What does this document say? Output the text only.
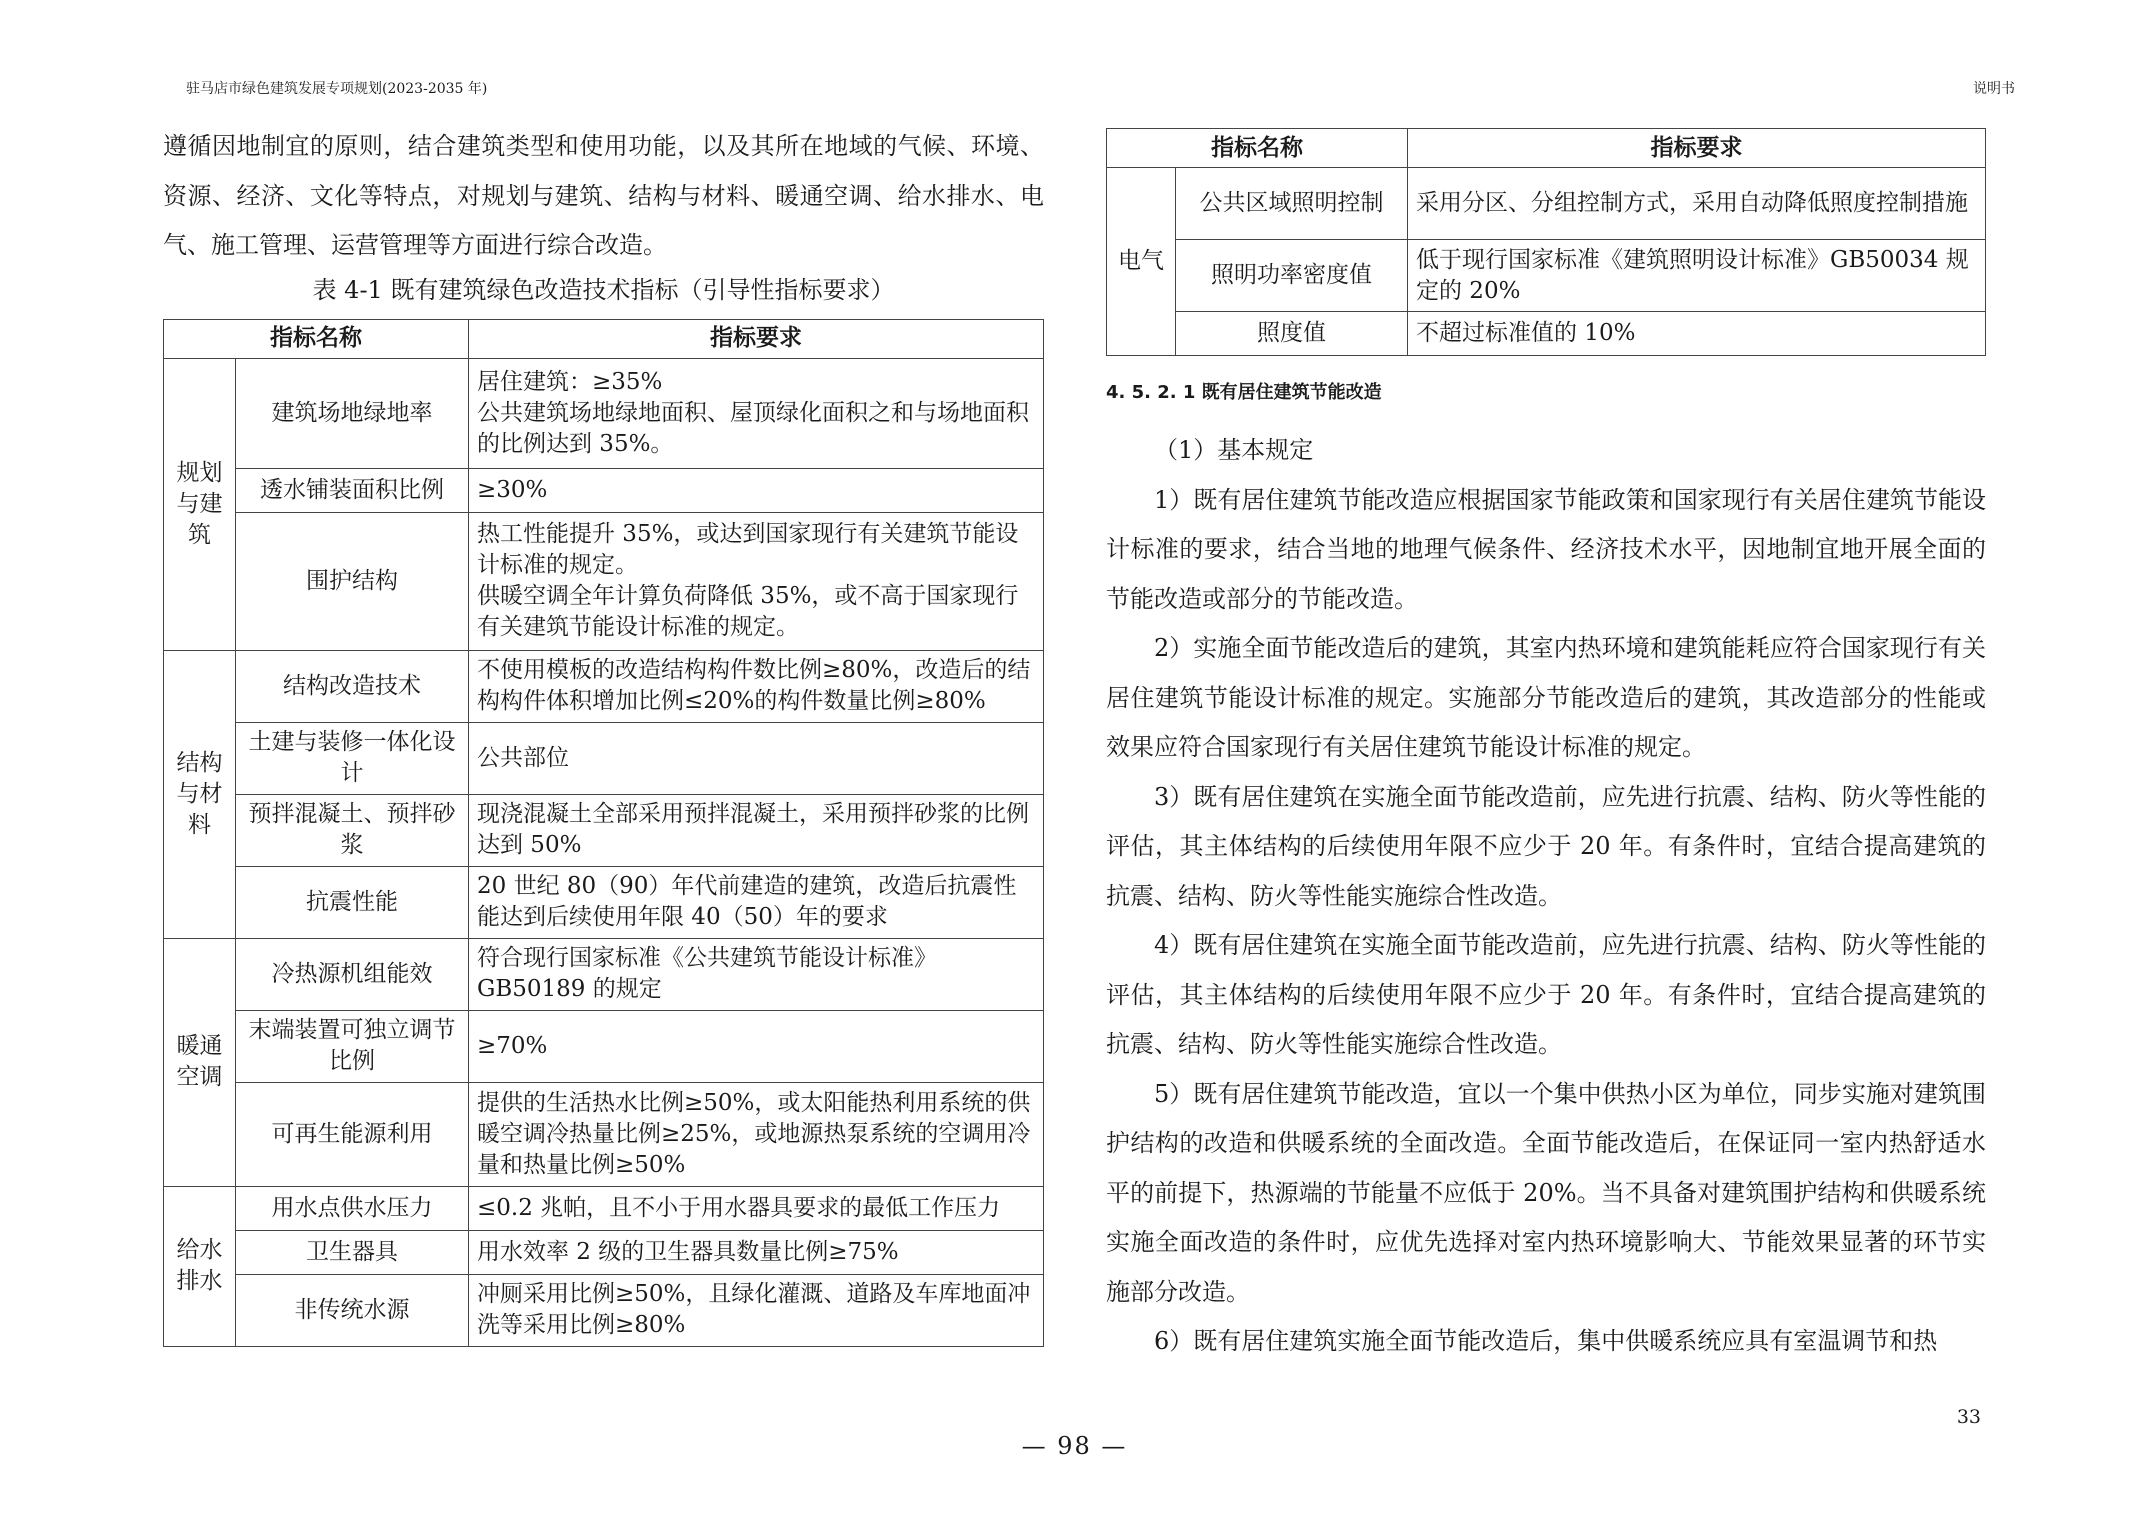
驻马店市绿色建筑发展专项规划(2023-2035 年)	说明书

遵循因地制宜的原则，结合建筑类型和使用功能，以及其所在地域的气候、环境、资源、经济、文化等特点，对规划与建筑、结构与材料、暖通空调、给水排水、电气、施工管理、运营管理等方面进行综合改造。

表 4-1 既有建筑绿色改造技术指标（引导性指标要求）
指标名称		指标要求
规划与建筑	建筑场地绿地率	居住建筑：≥35%
公共建筑场地绿地面积、屋顶绿化面积之和与场地面积的比例达到 35%。
	透水铺装面积比例	≥30%
	围护结构	热工性能提升 35%，或达到国家现行有关建筑节能设计标准的规定。
供暖空调全年计算负荷降低 35%，或不高于国家现行有关建筑节能设计标准的规定。
结构与材料	结构改造技术	不使用模板的改造结构构件数比例≥80%，改造后的结构构件体积增加比例≤20%的构件数量比例≥80%
	土建与装修一体化设计	公共部位
	预拌混凝土、预拌砂浆	现浇混凝土全部采用预拌混凝土，采用预拌砂浆的比例达到 50%
	抗震性能	20 世纪 80（90）年代前建造的建筑，改造后抗震性能达到后续使用年限 40（50）年的要求
暖通空调	冷热源机组能效	符合现行国家标准《公共建筑节能设计标准》GB50189 的规定
	末端装置可独立调节比例	≥70%
	可再生能源利用	提供的生活热水比例≥50%，或太阳能热利用系统的供暖空调冷热量比例≥25%，或地源热泵系统的空调用冷量和热量比例≥50%
给水排水	用水点供水压力	≤0.2 兆帕，且不小于用水器具要求的最低工作压力
	卫生器具	用水效率 2 级的卫生器具数量比例≥75%
	非传统水源	冲厕采用比例≥50%，且绿化灌溉、道路及车库地面冲洗等采用比例≥80%
指标名称		指标要求
电气	公共区域照明控制	采用分区、分组控制方式，采用自动降低照度控制措施
	照明功率密度值	低于现行国家标准《建筑照明设计标准》GB50034 规定的 20%
	照度值	不超过标准值的 10%
4. 5. 2. 1 既有居住建筑节能改造

（1）基本规定

1）既有居住建筑节能改造应根据国家节能政策和国家现行有关居住建筑节能设计标准的要求，结合当地的地理气候条件、经济技术水平，因地制宜地开展全面的节能改造或部分的节能改造。

2）实施全面节能改造后的建筑，其室内热环境和建筑能耗应符合国家现行有关居住建筑节能设计标准的规定。实施部分节能改造后的建筑，其改造部分的性能或效果应符合国家现行有关居住建筑节能设计标准的规定。

3）既有居住建筑在实施全面节能改造前，应先进行抗震、结构、防火等性能的评估，其主体结构的后续使用年限不应少于 20 年。有条件时，宜结合提高建筑的抗震、结构、防火等性能实施综合性改造。

4）既有居住建筑在实施全面节能改造前，应先进行抗震、结构、防火等性能的评估，其主体结构的后续使用年限不应少于 20 年。有条件时，宜结合提高建筑的抗震、结构、防火等性能实施综合性改造。

5）既有居住建筑节能改造，宜以一个集中供热小区为单位，同步实施对建筑围护结构的改造和供暖系统的全面改造。全面节能改造后，在保证同一室内热舒适水平的前提下，热源端的节能量不应低于 20%。当不具备对建筑围护结构和供暖系统实施全面改造的条件时，应优先选择对室内热环境影响大、节能效果显著的环节实施部分改造。

6）既有居住建筑实施全面节能改造后，集中供暖系统应具有室温调节和热

33
— 98 —
